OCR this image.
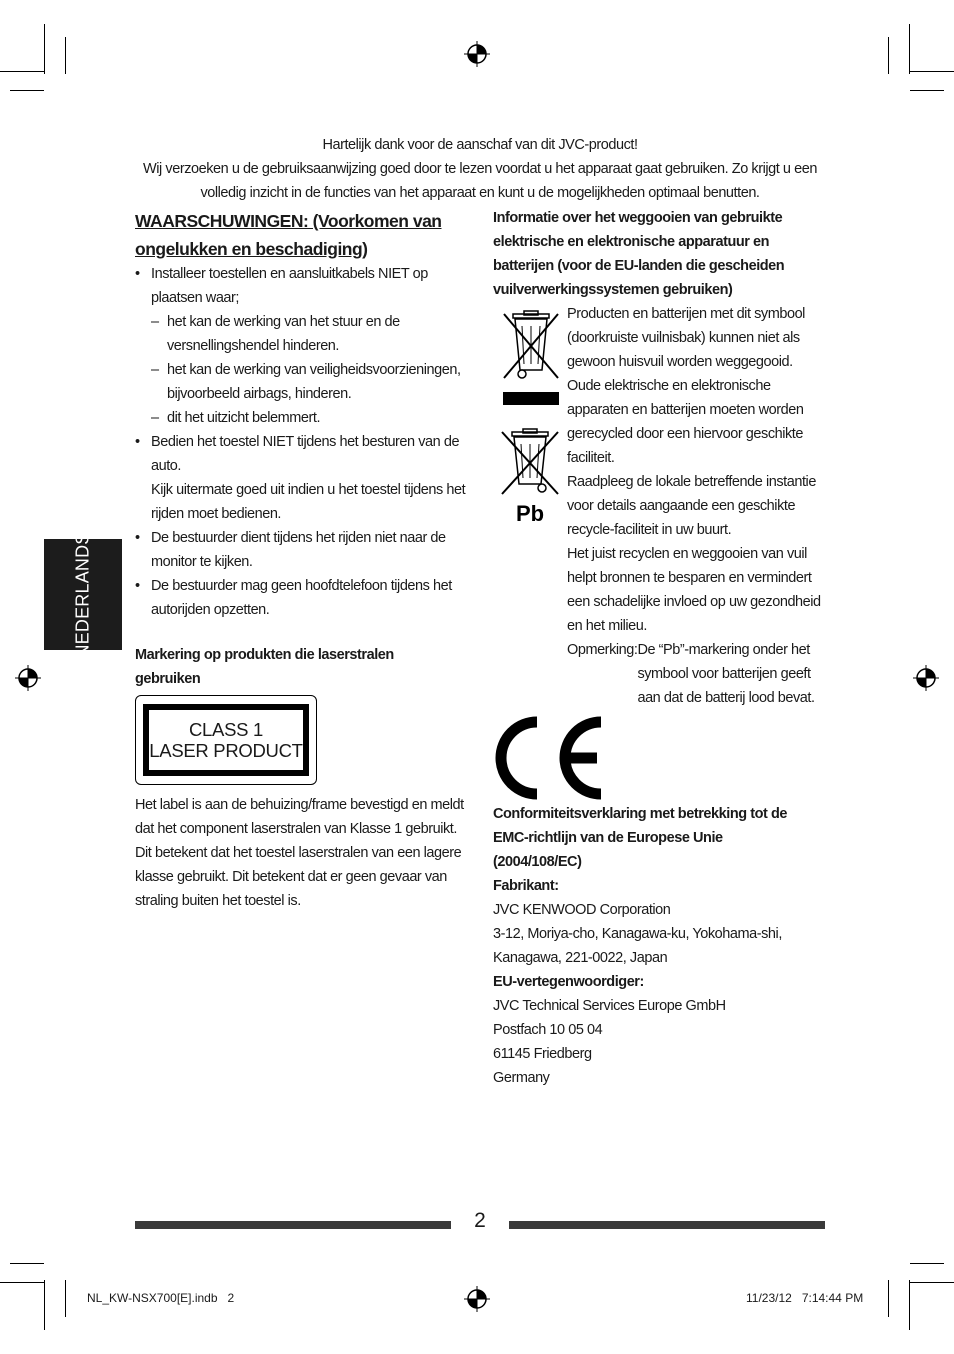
Hartelijk dank voor de aanschaf van dit JVC-product!
Wij verzoeken u de gebruiksaanwijzing goed door te lezen voordat u het apparaat gaat gebruiken. Zo krijgt u een
volledig inzicht in de functies van het apparaat en kunt u de mogelijkheden optimaal benutten.
WAARSCHUWINGEN: (Voorkomen van ongelukken en beschadiging)
• Installeer toestellen en aansluitkabels NIET op plaatsen waar;
– het kan de werking van het stuur en de versnellingshendel hinderen.
– het kan de werking van veiligheidsvoorzieningen, bijvoorbeeld airbags, hinderen.
– dit het uitzicht belemmert.
• Bedien het toestel NIET tijdens het besturen van de auto.
Kijk uitermate goed uit indien u het toestel tijdens het rijden moet bedienen.
• De bestuurder dient tijdens het rijden niet naar de monitor te kijken.
• De bestuurder mag geen hoofdtelefoon tijdens het autorijden opzetten.
Markering op produkten die laserstralen gebruiken
CLASS 1
LASER PRODUCT
Het label is aan de behuizing/frame bevestigd en meldt dat het component laserstralen van Klasse 1 gebruikt. Dit betekent dat het toestel laserstralen van een lagere klasse gebruikt. Dit betekent dat er geen gevaar van straling buiten het toestel is.
NEDERLANDS
Informatie over het weggooien van gebruikte elektrische en elektronische apparatuur en batterijen (voor de EU-landen die gescheiden vuilverwerkingssystemen gebruiken)
Pb
Producten en batterijen met dit symbool (doorkruiste vuilnisbak) kunnen niet als gewoon huisvuil worden weggegooid.
Oude elektrische en elektronische apparaten en batterijen moeten worden gerecycled door een hiervoor geschikte faciliteit.
Raadpleeg de lokale betreffende instantie voor details aangaande een geschikte recycle-faciliteit in uw buurt.
Het juist recyclen en weggooien van vuil helpt bronnen te besparen en vermindert een schadelijke invloed op uw gezondheid en het milieu.
Opmerking: De “Pb”-markering onder het symbool voor batterijen geeft aan dat de batterij lood bevat.
Conformiteitsverklaring met betrekking tot de EMC-richtlijn van de Europese Unie (2004/108/EC)
Fabrikant:
JVC KENWOOD Corporation
3-12, Moriya-cho, Kanagawa-ku, Yokohama-shi,
Kanagawa, 221-0022, Japan
EU-vertegenwoordiger:
JVC Technical Services Europe GmbH
Postfach 10 05 04
61145 Friedberg
Germany
2
NL_KW-NSX700[E].indb   2	11/23/12   7:14:44 PM
